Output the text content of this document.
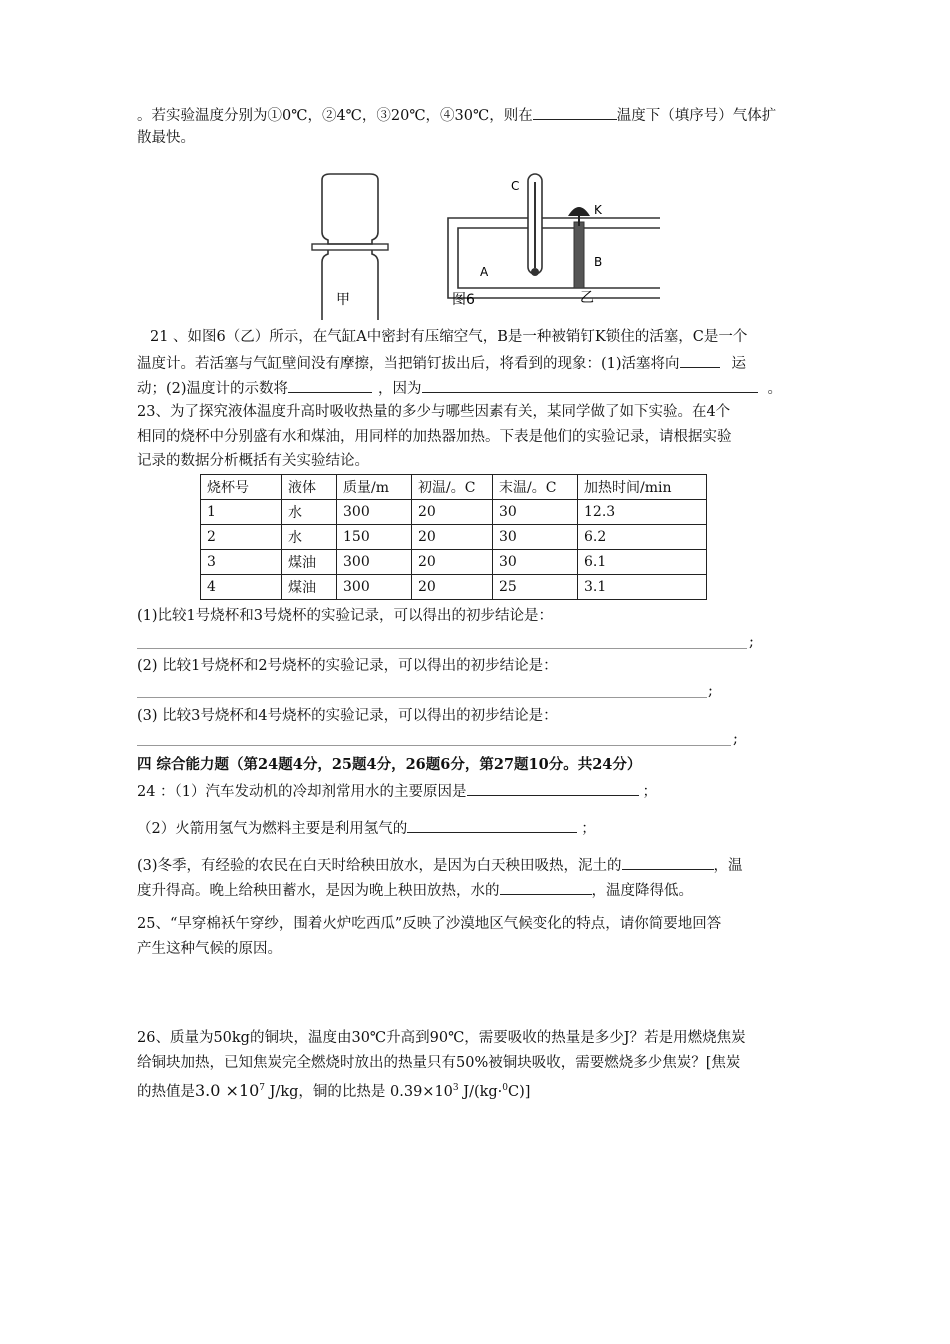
。若实验温度分别为①0℃，②4℃，③20℃，④30℃，则在	温度下（填序号）气体扩
散最快。
甲
C
K
A
B
图6	乙
21 、如图6（乙）所示，在气缸A中密封有压缩空气，B是一种被销钉K锁住的活塞，C是一个
温度计。若活塞与气缸壁间没有摩擦，当把销钉拔出后，将看到的现象：(1)活塞将向	运
动；(2)温度计的示数将	，因为	。
23、为了探究液体温度升高时吸收热量的多少与哪些因素有关，某同学做了如下实验。在4个
相同的烧杯中分别盛有水和煤油，用同样的加热器加热。下表是他们的实验记录，请根据实验
记录的数据分析概括有关实验结论。
烧杯号	液体	质量/m	初温/。C	末温/。C	加热时间/min
1	水	300	20	30	12.3
2	水	150	20	30	6.2
3	煤油	300	20	30	6.1
4	煤油	300	20	25	3.1
(1)比较1号烧杯和3号烧杯的实验记录，可以得出的初步结论是：
;
(2) 比较1号烧杯和2号烧杯的实验记录，可以得出的初步结论是：
;
(3) 比较3号烧杯和4号烧杯的实验记录，可以得出的初步结论是：
;
四 综合能力题（第24题4分，25题4分，26题6分，第27题10分。共24分）
24 ：（1）汽车发动机的冷却剂常用水的主要原因是	；
（2）火箭用氢气为燃料主要是利用氢气的	；
(3)冬季，有经验的农民在白天时给秧田放水，是因为白天秧田吸热，泥土的	，温
度升得高。晚上给秧田蓄水，是因为晚上秧田放热，水的	，温度降得低。
25、“早穿棉袄午穿纱，围着火炉吃西瓜”反映了沙漠地区气候变化的特点，请你简要地回答
产生这种气候的原因。
26、质量为50kg的铜块，温度由30℃升高到90℃，需要吸收的热量是多少J？若是用燃烧焦炭
给铜块加热，已知焦炭完全燃烧时放出的热量只有50%被铜块吸收，需要燃烧多少焦炭？[焦炭
的热值是$3.0 \times 10^7$ J/kg，铜的比热是 $0.39\times 10^3$ J/(kg·$^0$C)]
